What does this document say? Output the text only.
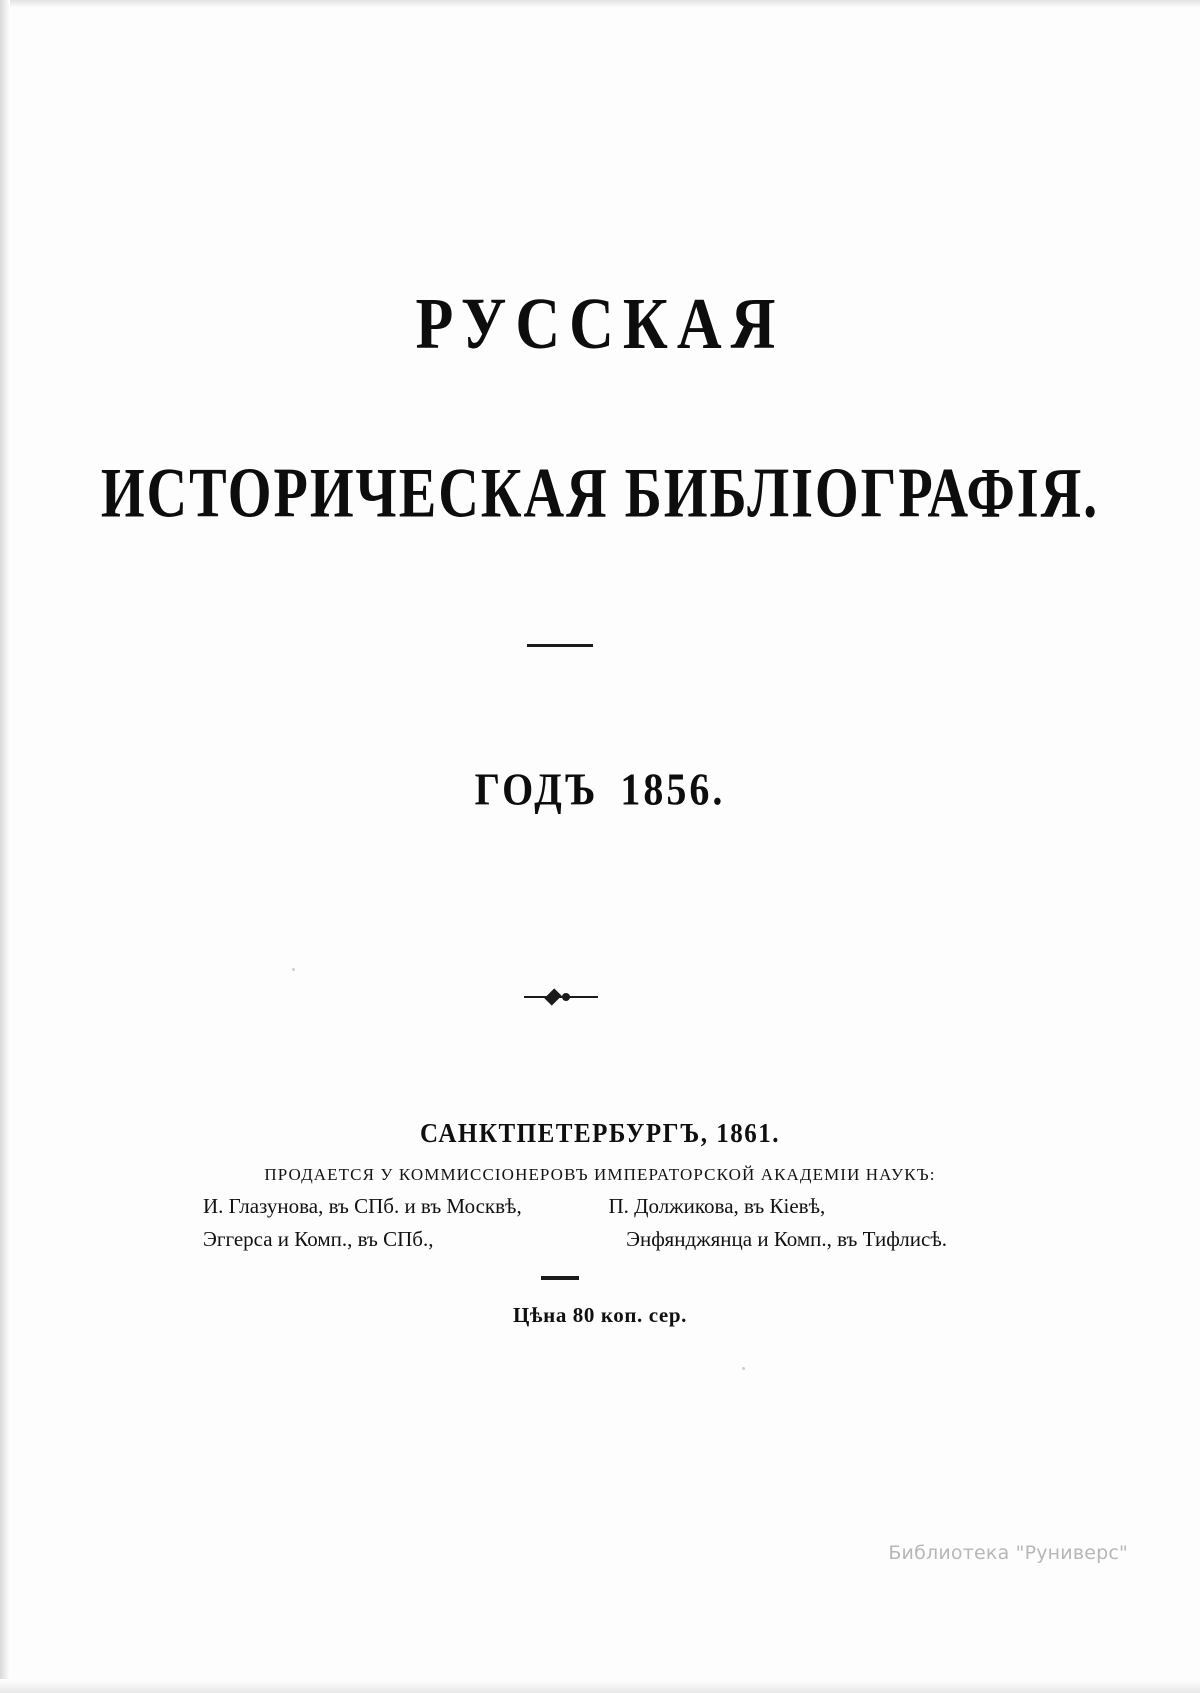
РУССКАЯ
ИСТОРИЧЕСКАЯ БИБЛІОГРАФІЯ.
ГОДЪ 1856.
САНКТПЕТЕРБУРГЪ, 1861.
ПРОДАЕТСЯ У КОММИССІОНЕРОВЪ ИМПЕРАТОРСКОЙ АКАДЕМІИ НАУКЪ:
И. Глазунова, въ СПб. и въ Москвѣ,	П. Должикова, въ Кіевѣ,
Эггерса и Комп., въ СПб.,	Энфянджянца и Комп., въ Тифлисѣ.
Цѣна 80 коп. сер.
Библиотека "Руниверс"
